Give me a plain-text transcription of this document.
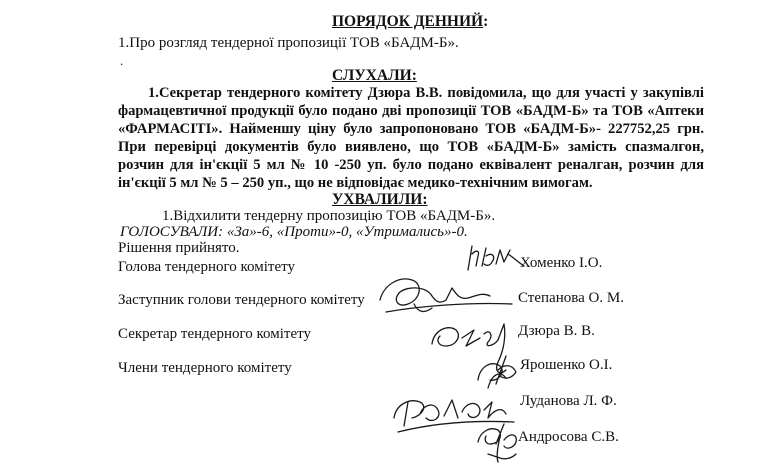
ПОРЯДОК ДЕННИЙ:
1.Про розгляд тендерної пропозиції ТОВ «БАДМ-Б».
.
СЛУХАЛИ:
1.Секретар тендерного комітету Дзюра В.В. повідомила, що для участі у закупівлі
фармацевтичної продукції було подано дві пропозиції ТОВ «БАДМ-Б» та ТОВ «Аптеки
«ФАРМАСІТІ». Найменшу ціну було запропоновано ТОВ «БАДМ-Б»- 227752,25 грн.
При перевірці документів було виявлено, що ТОВ «БАДМ-Б» замість спазмалгон,
розчин для ін'єкції 5 мл № 10 -250 уп. було подано еквівалент реналган, розчин для
ін'єкції 5 мл № 5 – 250 уп., що не відповідає медико-технічним вимогам.
УХВАЛИЛИ:
1.Відхилити тендерну пропозицію ТОВ «БАДМ-Б».
ГОЛОСУВАЛИ: «За»-6, «Проти»-0, «Утримались»-0.
Рішення прийнято.
Голова тендерного комітету
Заступник голови тендерного комітету
Секретар тендерного комітету
Члени тендерного комітету
Хоменко І.О.
Степанова О. М.
Дзюра В. В.
Ярошенко О.І.
Луданова Л. Ф.
Андросова С.В.
